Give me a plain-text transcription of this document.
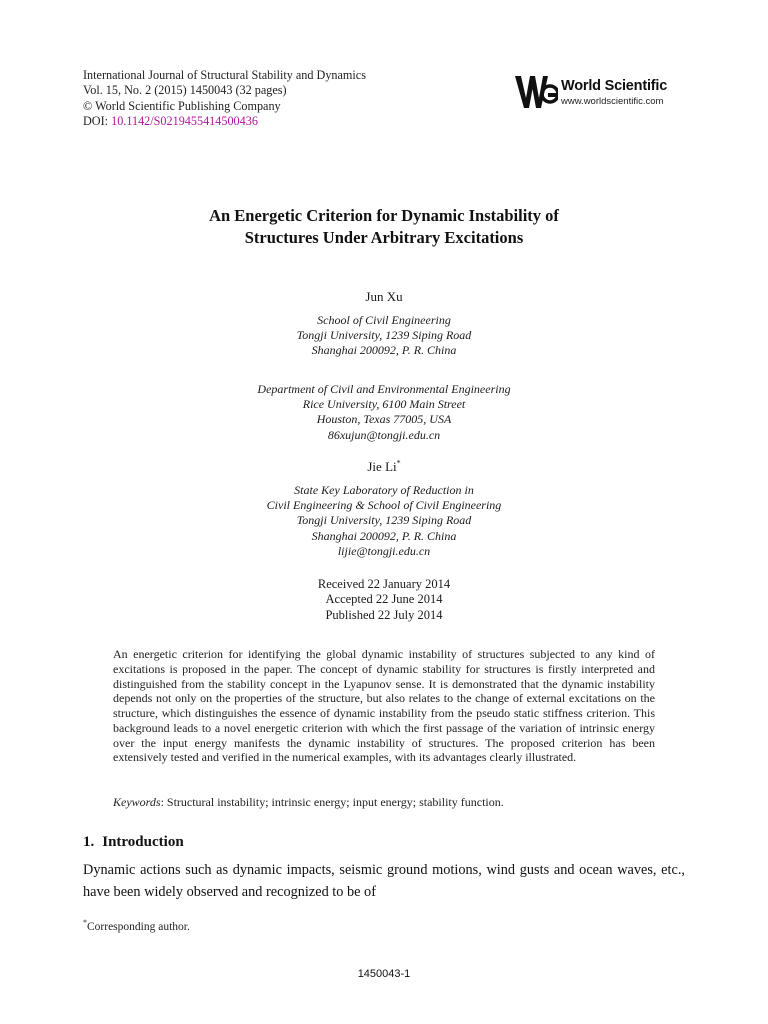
International Journal of Structural Stability and Dynamics
Vol. 15, No. 2 (2015) 1450043 (32 pages)
© World Scientific Publishing Company
DOI: 10.1142/S0219455414500436
World Scientific
www.worldscientific.com
An Energetic Criterion for Dynamic Instability of
Structures Under Arbitrary Excitations
Jun Xu
School of Civil Engineering
Tongji University, 1239 Siping Road
Shanghai 200092, P. R. China
Department of Civil and Environmental Engineering
Rice University, 6100 Main Street
Houston, Texas 77005, USA
86xujun@tongji.edu.cn
Jie Li*
State Key Laboratory of Reduction in
Civil Engineering & School of Civil Engineering
Tongji University, 1239 Siping Road
Shanghai 200092, P. R. China
lijie@tongji.edu.cn
Received 22 January 2014
Accepted 22 June 2014
Published 22 July 2014
An energetic criterion for identifying the global dynamic instability of structures subjected to any kind of excitations is proposed in the paper. The concept of dynamic stability for structures is firstly interpreted and distinguished from the stability concept in the Lyapunov sense. It is demonstrated that the dynamic instability depends not only on the properties of the structure, but also relates to the change of external excitations on the structure, which distinguishes the essence of dynamic instability from the pseudo static stiffness criterion. This background leads to a novel energetic criterion with which the first passage of the variation of intrinsic energy over the input energy manifests the dynamic instability of structures. The proposed criterion has been extensively tested and verified in the numerical examples, with its advantages clearly illustrated.
Keywords: Structural instability; intrinsic energy; input energy; stability function.
1. Introduction
Dynamic actions such as dynamic impacts, seismic ground motions, wind gusts and ocean waves, etc., have been widely observed and recognized to be of
*Corresponding author.
1450043-1
